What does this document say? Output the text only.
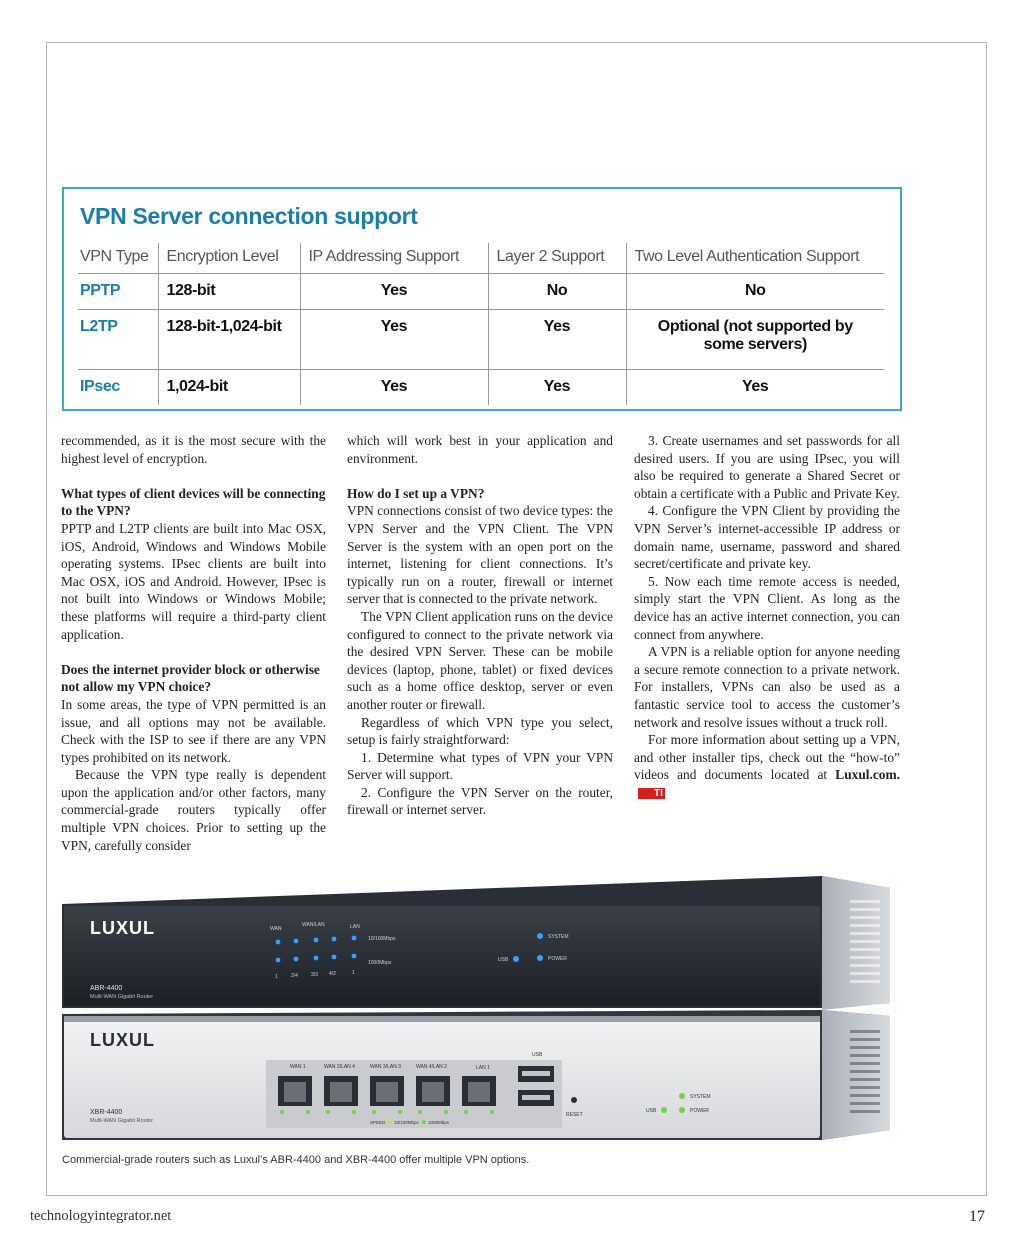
VPN Server connection support
VPN Type	Encryption Level	IP Addressing Support	Layer 2 Support	Two Level Authentication Support
PPTP	128-bit	Yes	No	No
L2TP	128-bit-1,024-bit	Yes	Yes	Optional (not supported by some servers)
IPsec	1,024-bit	Yes	Yes	Yes

recommended, as it is the most secure with the highest level of encryption.

What types of client devices will be connecting to the VPN?

PPTP and L2TP clients are built into Mac OSX, iOS, Android, Windows and Windows Mobile operating systems. IPsec clients are built into Mac OSX, iOS and Android. However, IPsec is not built into Windows or Windows Mobile; these platforms will require a third-party client application.

Does the internet provider block or otherwise not allow my VPN choice?

In some areas, the type of VPN permitted is an issue, and all options may not be available. Check with the ISP to see if there are any VPN types prohibited on its network.

Because the VPN type really is dependent upon the application and/or other factors, many commercial-grade routers typically offer multiple VPN choices. Prior to setting up the VPN, carefully consider

which will work best in your application and environment.

How do I set up a VPN?

VPN connections consist of two device types: the VPN Server and the VPN Client. The VPN Server is the system with an open port on the internet, listening for client connections. It’s typically run on a router, firewall or internet server that is connected to the private network.

The VPN Client application runs on the device configured to connect to the private network via the desired VPN Server. These can be mobile devices (laptop, phone, tablet) or fixed devices such as a home office desktop, server or even another router or firewall.

Regardless of which VPN type you select, setup is fairly straightforward:

1. Determine what types of VPN your VPN Server will support.

2. Configure the VPN Server on the router, firewall or internet server.

3. Create usernames and set passwords for all desired users. If you are using IPsec, you will also be required to generate a Shared Secret or obtain a certificate with a Public and Private Key.

4. Configure the VPN Client by providing the VPN Server’s internet-accessible IP address or domain name, username, password and shared secret/certificate and private key.

5. Now each time remote access is needed, simply start the VPN Client. As long as the device has an active internet connection, you can connect from anywhere.

A VPN is a reliable option for anyone needing a secure remote connection to a private network. For installers, VPNs can also be used as a fantastic service tool to access the customer’s network and resolve issues without a truck roll.

For more information about setting up a VPN, and other installer tips, check out the “how-to” videos and documents located at Luxul.com.TI

LUXUL
ABR-4400
Multi-WAN Gigabit Router
WAN
WAN/LAN	LAN
10/100Mbps
1000Mbps
1	2/4	3/3 4/2	1
SYSTEM
USB	POWER
LUXUL
XBR-4400
Multi-WAN Gigabit Router
WAN 1	WAN 2/LAN 4	WAN 3/LAN 3	WAN 4/LAN 2	LAN 1
SPEED 10/100Mbps 1000Mbps
USB
RESET
SYSTEM
USB	POWER
Commercial-grade routers such as Luxul’s ABR-4400 and XBR-4400 offer multiple VPN options.
technologyintegrator.net	17
